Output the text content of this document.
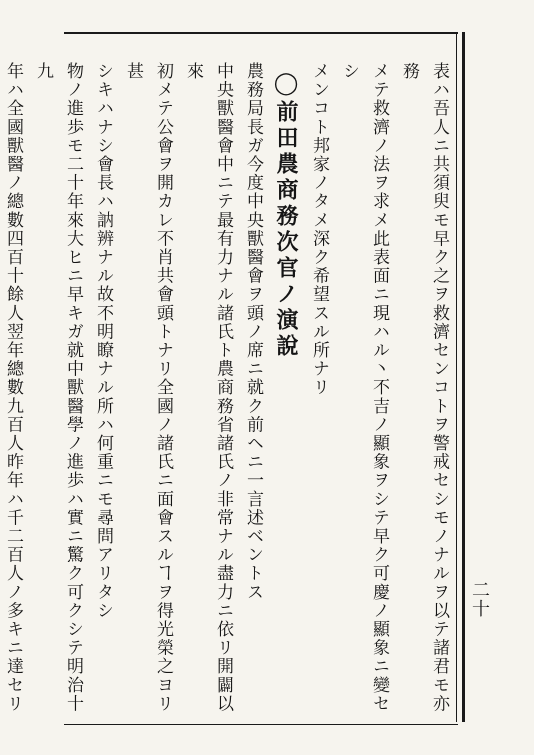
二十

表ハ吾人ニ共須臾モ早ク之ヲ救濟センコトヲ警戒セシモノナルヲ以テ諸君モ亦務

メテ救濟ノ法ヲ求メ此表面ニ現ハル丶不吉ノ顯象ヲシテ早ク可慶ノ顯象ニ變セシ

メンコト邦家ノタメ深ク希望スル所ナリ

◯前田農商務次官ノ演說

農務局長ガ今度中央獸醫會ヲ頭ノ席ニ就ク前ヘニ一言述ベントス

中央獸醫會中ニテ最有力ナル諸氏ト農商務省諸氏ノ非常ナル盡力ニ依リ開闢以來

初メテ公會ヲ開カレ不肖共會頭トナリ全國ノ諸氏ニ面會スルヿヲ得光榮之ヨリ甚

シキハナシ會長ハ訥辨ナル故不明瞭ナル所ハ何重ニモ尋問アリタシ

物ノ進歩モ二十年來大ヒニ早キガ就中獸醫學ノ進歩ハ實ニ驚ク可クシテ明治十九

年ハ全國獸醫ノ總數四百十餘人翌年總數九百人昨年ハ千二百人ノ多キニ達セリ
